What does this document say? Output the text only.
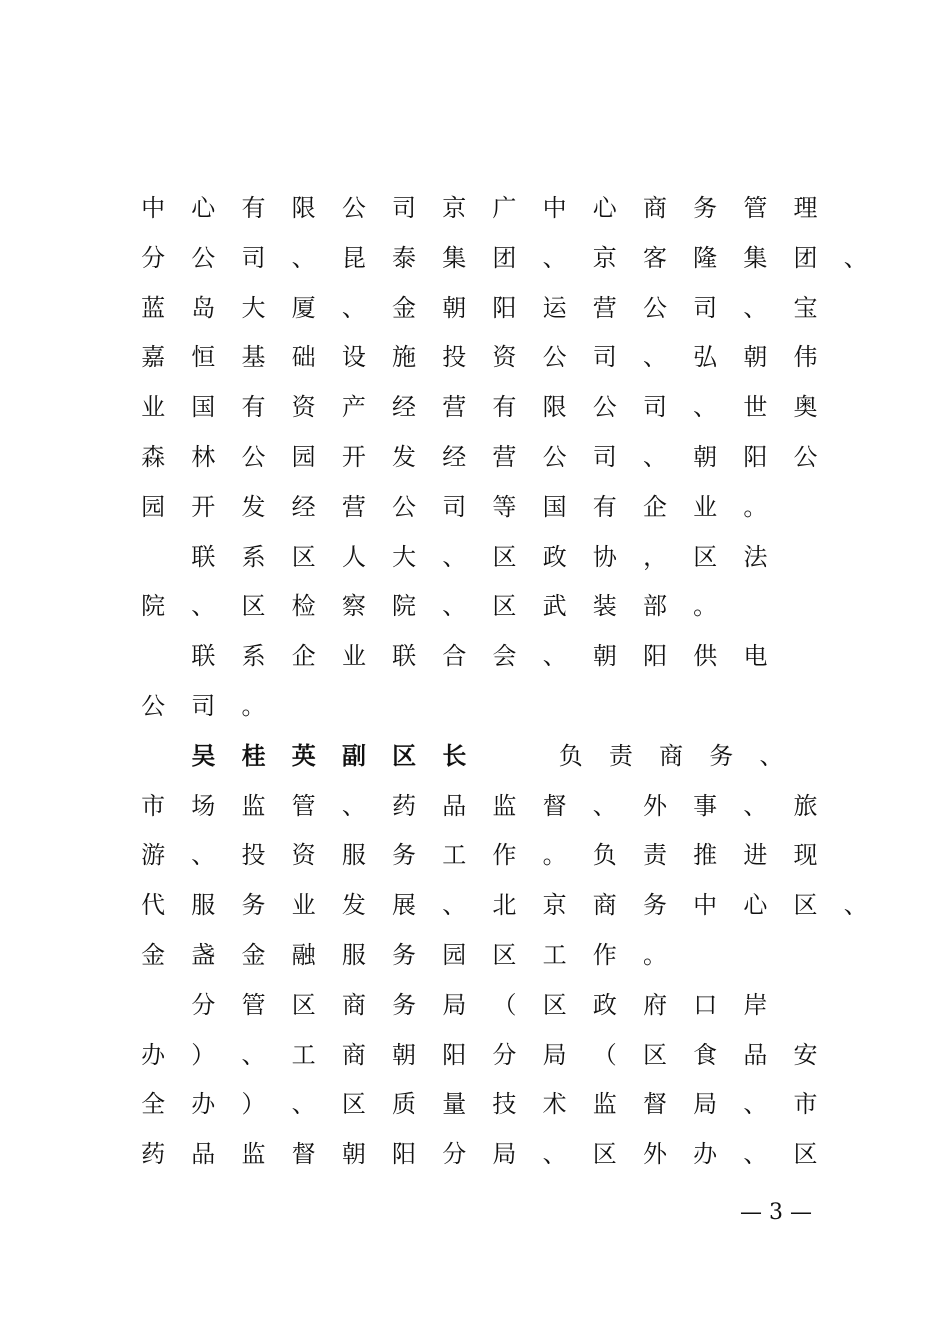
中	心	有	限	公	司	京	广	中	心	商	务	管	理
分	公	司	、	昆	泰	集	团	、	京	客	隆	集	团	、
蓝	岛	大	厦	、	金	朝	阳	运	营	公	司	、	宝
嘉	恒	基	础	设	施	投	资	公	司	、	弘	朝	伟
业	国	有	资	产	经	营	有	限	公	司	、	世	奥
森	林	公	园	开	发	经	营	公	司	、	朝	阳	公
园	开	发	经	营	公	司	等	国	有	企	业	。
联	系	区	人	大	、	区	政	协	，	区	法
院	、	区	检	察	院	、	区	武	装	部	。
联	系	企	业	联	合	会	、	朝	阳	供	电
公	司	。
吴	桂	英	副	区	长	负	责	商	务	、
市	场	监	管	、	药	品	监	督	、	外	事	、	旅
游	、	投	资	服	务	工	作	。	负	责	推	进	现
代	服	务	业	发	展	、	北	京	商	务	中	心	区	、
金	盏	金	融	服	务	园	区	工	作	。
分	管	区	商	务	局	（	区	政	府	口	岸
办	）	、	工	商	朝	阳	分	局	（	区	食	品	安
全	办	）	、	区	质	量	技	术	监	督	局	、	市
药	品	监	督	朝	阳	分	局	、	区	外	办	、	区
— 3 —
